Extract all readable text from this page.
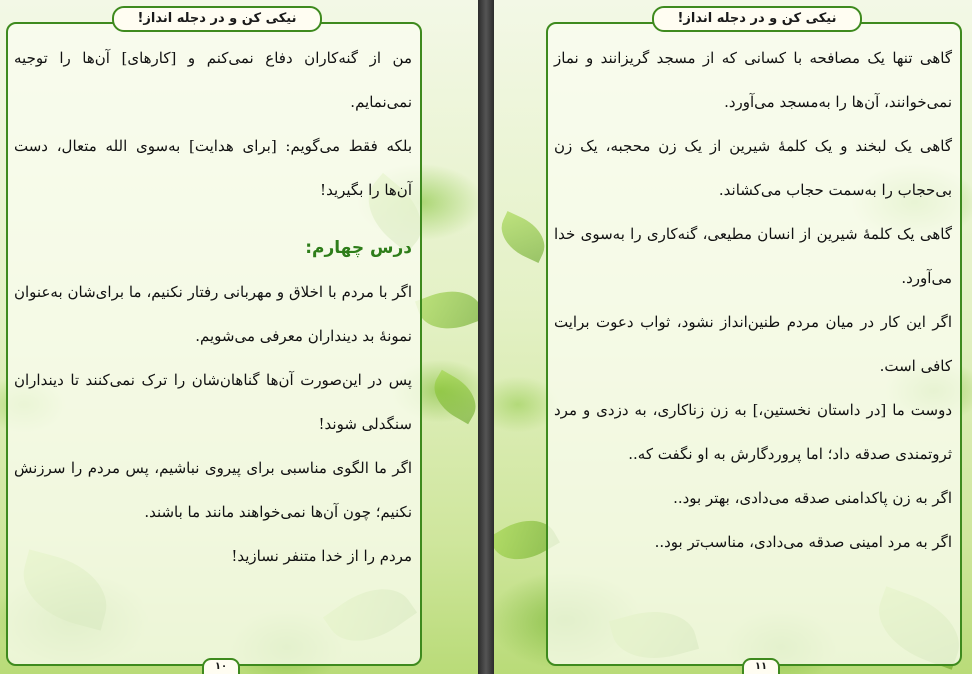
نیکی کن و در دجله انداز!

من از گنه‌کاران دفاع نمی‌کنم و [کارهای] آن‌ها را توجیه نمی‌نمایم.

بلکه فقط می‌گویم: [برای هدایت] به‌سوی الله متعال، دست آن‌ها را بگیرید!

درس چهارم:

اگر با مردم با اخلاق و مهربانی رفتار نکنیم، ما برای‌شان به‌عنوان نمونهٔ بد دینداران معرفی می‌شویم.

پس در این‌صورت آن‌ها گناهان‌شان را ترک نمی‌کنند تا دینداران سنگدلی شوند!

اگر ما الگوی مناسبی برای پیروی نباشیم، پس مردم را سرزنش نکنیم؛ چون آن‌ها نمی‌خواهند مانند ما باشند.

مردم را از خدا متنفر نسازید!

۱۰
نیکی کن و در دجله انداز!

گاهی تنها یک مصافحه با کسانی که از مسجد گریزانند و نماز نمی‌خوانند، آن‌ها را به‌مسجد می‌آورد.

گاهی یک لبخند و یک کلمهٔ شیرین از یک زن محجبه، یک زن بی‌حجاب را به‌سمت حجاب می‌کشاند.

گاهی یک کلمهٔ شیرین از انسان مطیعی، گنه‌کاری را به‌سوی خدا می‌آورد.

اگر این کار در میان مردم طنین‌انداز نشود، ثواب دعوت برایت کافی است.

دوست ما [در داستان نخستین،] به زن زناکاری، به دزدی و مرد ثروتمندی صدقه داد؛ اما پروردگارش به او نگفت که..

اگر به زن پاکدامنی صدقه می‌دادی، بهتر بود..

اگر به مرد امینی صدقه می‌دادی، مناسب‌تر بود..

۱۱
